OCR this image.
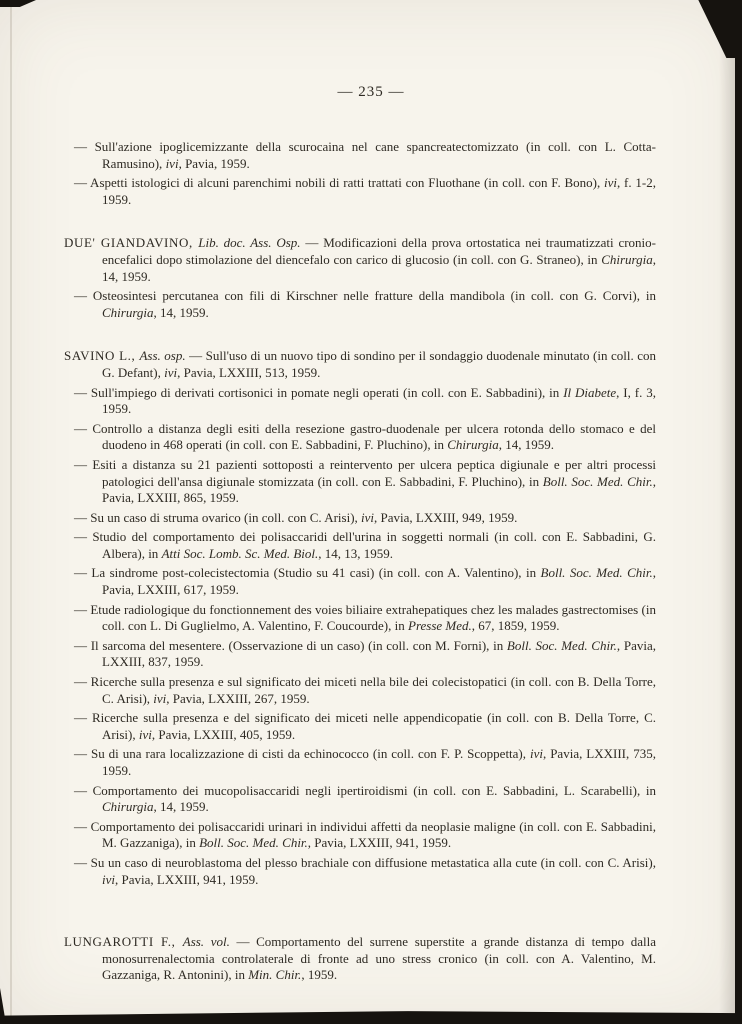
— 235 —

— Sull'azione ipoglicemizzante della scurocaina nel cane spancreatectomizzato (in coll. con L. Cotta-Ramusino), ivi, Pavia, 1959.

— Aspetti istologici di alcuni parenchimi nobili di ratti trattati con Fluothane (in coll. con F. Bono), ivi, f. 1-2, 1959.

DUE' GIANDAVINO, Lib. doc. Ass. Osp. — Modificazioni della prova ortostatica nei traumatizzati cronio-encefalici dopo stimolazione del diencefalo con carico di glucosio (in coll. con G. Straneo), in Chirurgia, 14, 1959.

— Osteosintesi percutanea con fili di Kirschner nelle fratture della mandibola (in coll. con G. Corvi), in Chirurgia, 14, 1959.

SAVINO L., Ass. osp. — Sull'uso di un nuovo tipo di sondino per il sondaggio duodenale minutato (in coll. con G. Defant), ivi, Pavia, LXXIII, 513, 1959.

— Sull'impiego di derivati cortisonici in pomate negli operati (in coll. con E. Sabbadini), in Il Diabete, I, f. 3, 1959.

— Controllo a distanza degli esiti della resezione gastro-duodenale per ulcera rotonda dello stomaco e del duodeno in 468 operati (in coll. con E. Sabbadini, F. Pluchino), in Chirurgia, 14, 1959.

— Esiti a distanza su 21 pazienti sottoposti a reintervento per ulcera peptica digiunale e per altri processi patologici dell'ansa digiunale stomizzata (in coll. con E. Sabbadini, F. Pluchino), in Boll. Soc. Med. Chir., Pavia, LXXIII, 865, 1959.

— Su un caso di struma ovarico (in coll. con C. Arisi), ivi, Pavia, LXXIII, 949, 1959.

— Studio del comportamento dei polisaccaridi dell'urina in soggetti normali (in coll. con E. Sabbadini, G. Albera), in Atti Soc. Lomb. Sc. Med. Biol., 14, 13, 1959.

— La sindrome post-colecistectomia (Studio su 41 casi) (in coll. con A. Valentino), in Boll. Soc. Med. Chir., Pavia, LXXIII, 617, 1959.

— Etude radiologique du fonctionnement des voies biliaire extrahepatiques chez les malades gastrectomises (in coll. con L. Di Guglielmo, A. Valentino, F. Coucourde), in Presse Med., 67, 1859, 1959.

— Il sarcoma del mesentere. (Osservazione di un caso) (in coll. con M. Forni), in Boll. Soc. Med. Chir., Pavia, LXXIII, 837, 1959.

— Ricerche sulla presenza e sul significato dei miceti nella bile dei colecistopatici (in coll. con B. Della Torre, C. Arisi), ivi, Pavia, LXXIII, 267, 1959.

— Ricerche sulla presenza e del significato dei miceti nelle appendicopatie (in coll. con B. Della Torre, C. Arisi), ivi, Pavia, LXXIII, 405, 1959.

— Su di una rara localizzazione di cisti da echinococco (in coll. con F. P. Scoppetta), ivi, Pavia, LXXIII, 735, 1959.

— Comportamento dei mucopolisaccaridi negli ipertiroidismi (in coll. con E. Sabbadini, L. Scarabelli), in Chirurgia, 14, 1959.

— Comportamento dei polisaccaridi urinari in individui affetti da neoplasie maligne (in coll. con E. Sabbadini, M. Gazzaniga), in Boll. Soc. Med. Chir., Pavia, LXXIII, 941, 1959.

— Su un caso di neuroblastoma del plesso brachiale con diffusione metastatica alla cute (in coll. con C. Arisi), ivi, Pavia, LXXIII, 941, 1959.

LUNGAROTTI F., Ass. vol. — Comportamento del surrene superstite a grande distanza di tempo dalla monosurrenalectomia controlaterale di fronte ad uno stress cronico (in coll. con A. Valentino, M. Gazzaniga, R. Antonini), in Min. Chir., 1959.
